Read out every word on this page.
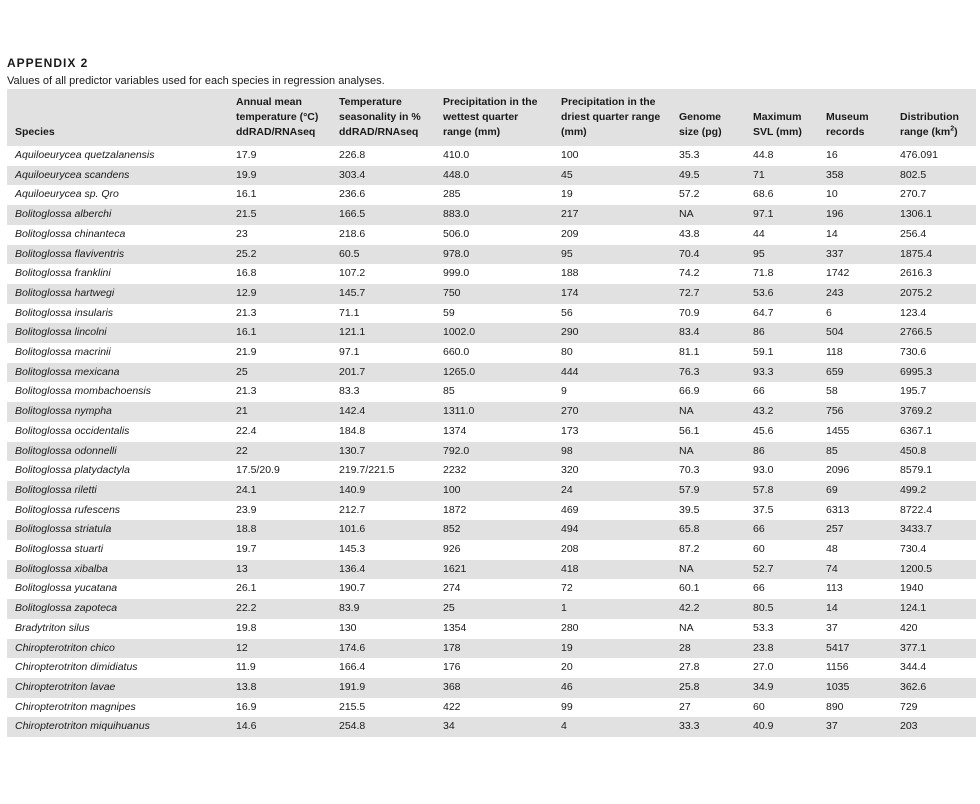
APPENDIX 2
Values of all predictor variables used for each species in regression analyses.
Species	Annual mean temperature (°C) ddRAD/RNAseq	Temperature seasonality in % ddRAD/RNAseq	Precipitation in the wettest quarter range (mm)	Precipitation in the driest quarter range (mm)	Genome size (pg)	Maximum SVL (mm)	Museum records	Distribution range $(km^2)$
Aquiloeurycea quetzalanensis	17.9	226.8	410.0	100	35.3	44.8	16	476.091
Aquiloeurycea scandens	19.9	303.4	448.0	45	49.5	71	358	802.5
Aquiloeurycea sp. Qro	16.1	236.6	285	19	57.2	68.6	10	270.7
Bolitoglossa alberchi	21.5	166.5	883.0	217	NA	97.1	196	1306.1
Bolitoglossa chinanteca	23	218.6	506.0	209	43.8	44	14	256.4
Bolitoglossa flaviventris	25.2	60.5	978.0	95	70.4	95	337	1875.4
Bolitoglossa franklini	16.8	107.2	999.0	188	74.2	71.8	1742	2616.3
Bolitoglossa hartwegi	12.9	145.7	750	174	72.7	53.6	243	2075.2
Bolitoglossa insularis	21.3	71.1	59	56	70.9	64.7	6	123.4
Bolitoglossa lincolni	16.1	121.1	1002.0	290	83.4	86	504	2766.5
Bolitoglossa macrinii	21.9	97.1	660.0	80	81.1	59.1	118	730.6
Bolitoglossa mexicana	25	201.7	1265.0	444	76.3	93.3	659	6995.3
Bolitoglossa mombachoensis	21.3	83.3	85	9	66.9	66	58	195.7
Bolitoglossa nympha	21	142.4	1311.0	270	NA	43.2	756	3769.2
Bolitoglossa occidentalis	22.4	184.8	1374	173	56.1	45.6	1455	6367.1
Bolitoglossa odonnelli	22	130.7	792.0	98	NA	86	85	450.8
Bolitoglossa platydactyla	17.5/20.9	219.7/221.5	2232	320	70.3	93.0	2096	8579.1
Bolitoglossa riletti	24.1	140.9	100	24	57.9	57.8	69	499.2
Bolitoglossa rufescens	23.9	212.7	1872	469	39.5	37.5	6313	8722.4
Bolitoglossa striatula	18.8	101.6	852	494	65.8	66	257	3433.7
Bolitoglossa stuarti	19.7	145.3	926	208	87.2	60	48	730.4
Bolitoglossa xibalba	13	136.4	1621	418	NA	52.7	74	1200.5
Bolitoglossa yucatana	26.1	190.7	274	72	60.1	66	113	1940
Bolitoglossa zapoteca	22.2	83.9	25	1	42.2	80.5	14	124.1
Bradytriton silus	19.8	130	1354	280	NA	53.3	37	420
Chiropterotriton chico	12	174.6	178	19	28	23.8	5417	377.1
Chiropterotriton dimidiatus	11.9	166.4	176	20	27.8	27.0	1156	344.4
Chiropterotriton lavae	13.8	191.9	368	46	25.8	34.9	1035	362.6
Chiropterotriton magnipes	16.9	215.5	422	99	27	60	890	729
Chiropterotriton miquihuanus	14.6	254.8	34	4	33.3	40.9	37	203
